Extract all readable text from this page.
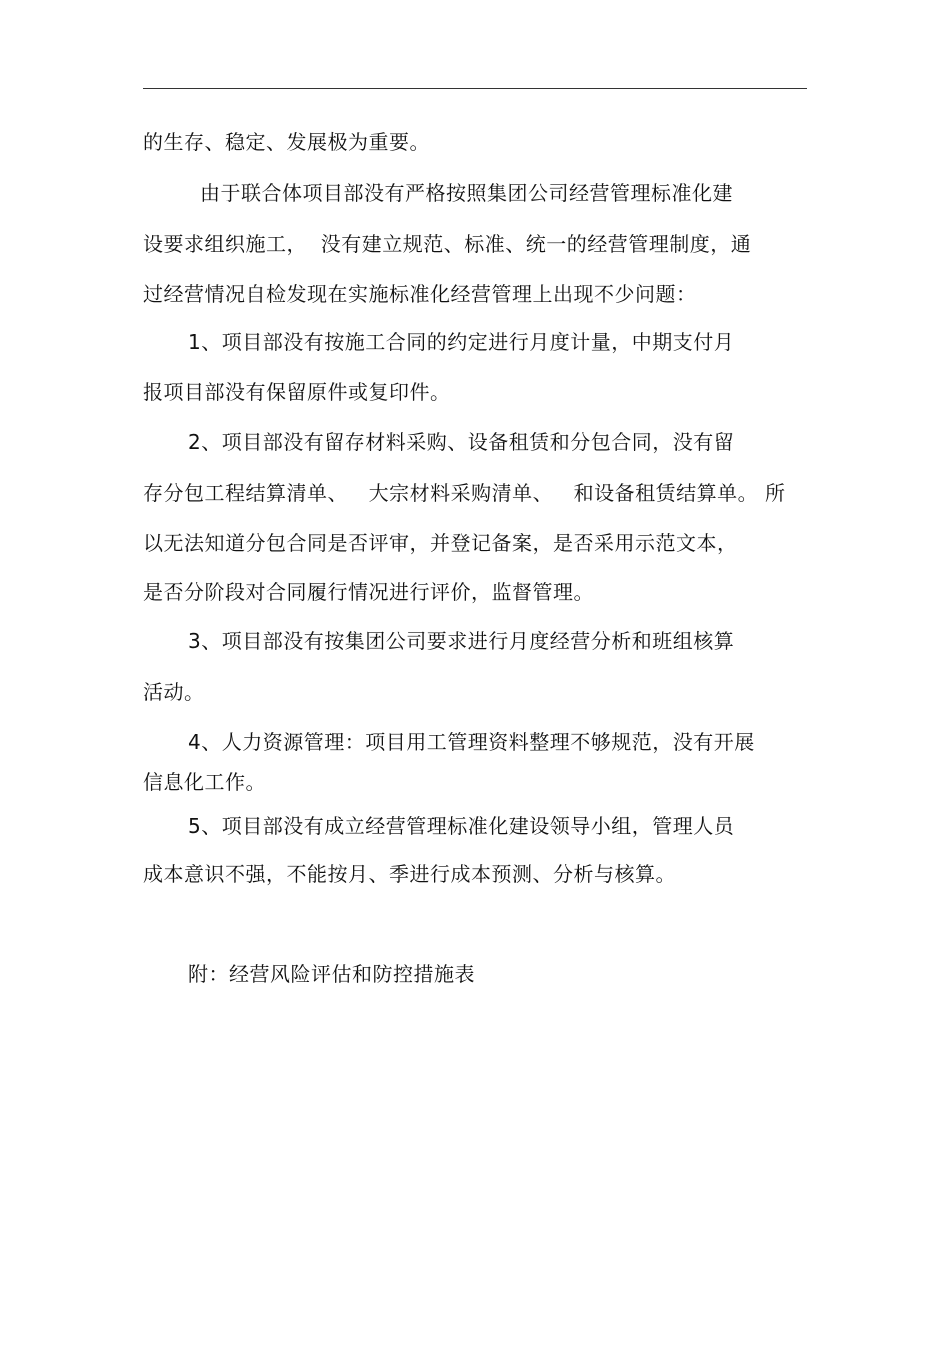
的生存、稳定、发展极为重要。
由于联合体项目部没有严格按照集团公司经营管理标准化建
设要求组织施工，  没有建立规范、标准、统一的经营管理制度，通
过经营情况自检发现在实施标准化经营管理上出现不少问题：
1、项目部没有按施工合同的约定进行月度计量，中期支付月
报项目部没有保留原件或复印件。
2、项目部没有留存材料采购、设备租赁和分包合同，没有留
存分包工程结算清单、   大宗材料采购清单、   和设备租赁结算单。 所
以无法知道分包合同是否评审，并登记备案，是否采用示范文本，
是否分阶段对合同履行情况进行评价，监督管理。
3、项目部没有按集团公司要求进行月度经营分析和班组核算
活动。
4、人力资源管理：项目用工管理资料整理不够规范，没有开展
信息化工作。
5、项目部没有成立经营管理标准化建设领导小组，管理人员
成本意识不强，不能按月、季进行成本预测、分析与核算。
附：经营风险评估和防控措施表
